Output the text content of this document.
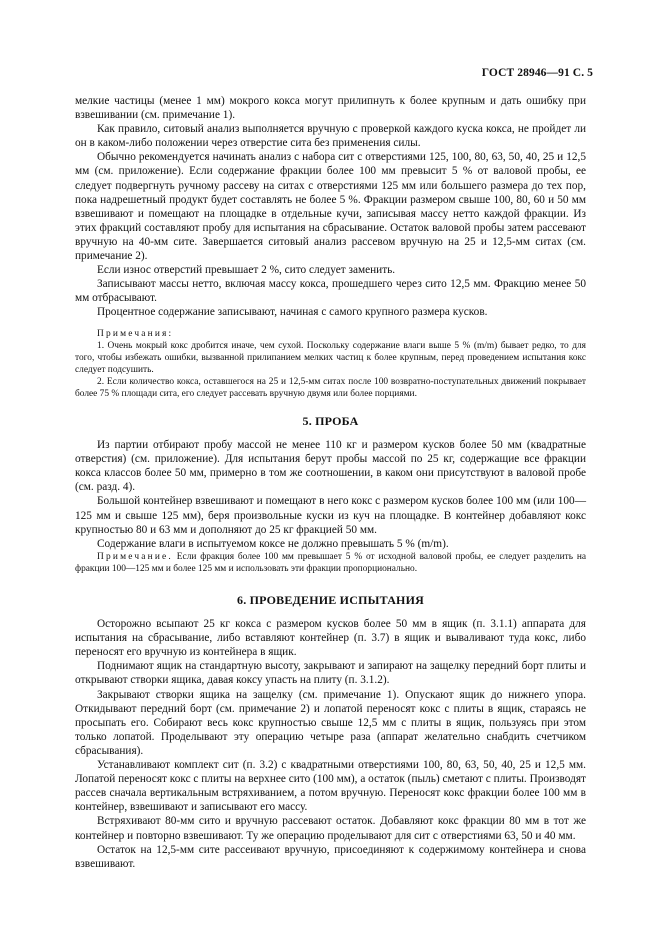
ГОСТ 28946—91 С. 5

мелкие частицы (менее 1 мм) мокрого кокса могут прилипнуть к более крупным и дать ошибку при взвешивании (см. примечание 1).

Как правило, ситовый анализ выполняется вручную с проверкой каждого куска кокса, не пройдет ли он в каком-либо положении через отверстие сита без применения силы.

Обычно рекомендуется начинать анализ с набора сит с отверстиями 125, 100, 80, 63, 50, 40, 25 и 12,5 мм (см. приложение). Если содержание фракции более 100 мм превысит 5 % от валовой пробы, ее следует подвергнуть ручному рассеву на ситах с отверстиями 125 мм или большего размера до тех пор, пока надрешетный продукт будет составлять не более 5 %. Фракции размером свыше 100, 80, 60 и 50 мм взвешивают и помещают на площадке в отдельные кучи, записывая массу нетто каждой фракции. Из этих фракций составляют пробу для испытания на сбрасывание. Остаток валовой пробы затем рассевают вручную на 40-мм сите. Завершается ситовый анализ рассевом вручную на 25 и 12,5-мм ситах (см. примечание 2).

Если износ отверстий превышает 2 %, сито следует заменить.

Записывают массы нетто, включая массу кокса, прошедшего через сито 12,5 мм. Фракцию менее 50 мм отбрасывают.

Процентное содержание записывают, начиная с самого крупного размера кусков.

Примечания:

1. Очень мокрый кокс дробится иначе, чем сухой. Поскольку содержание влаги выше 5 % (m/m) бывает редко, то для того, чтобы избежать ошибки, вызванной прилипанием мелких частиц к более крупным, перед проведением испытания кокс следует подсушить.

2. Если количество кокса, оставшегося на 25 и 12,5-мм ситах после 100 возвратно-поступательных движений покрывает более 75 % площади сита, его следует рассевать вручную двумя или более порциями.

5. ПРОБА

Из партии отбирают пробу массой не менее 110 кг и размером кусков более 50 мм (квадратные отверстия) (см. приложение). Для испытания берут пробы массой по 25 кг, содержащие все фракции кокса классов более 50 мм, примерно в том же соотношении, в каком они присутствуют в валовой пробе (см. разд. 4).

Большой контейнер взвешивают и помещают в него кокс с размером кусков более 100 мм (или 100—125 мм и свыше 125 мм), беря произвольные куски из куч на площадке. В контейнер добавляют кокс крупностью 80 и 63 мм и дополняют до 25 кг фракцией 50 мм.

Содержание влаги в испытуемом коксе не должно превышать 5 % (m/m).

Примечание. Если фракция более 100 мм превышает 5 % от исходной валовой пробы, ее следует разделить на фракции 100—125 мм и более 125 мм и использовать эти фракции пропорционально.

6. ПРОВЕДЕНИЕ ИСПЫТАНИЯ

Осторожно всыпают 25 кг кокса с размером кусков более 50 мм в ящик (п. 3.1.1) аппарата для испытания на сбрасывание, либо вставляют контейнер (п. 3.7) в ящик и вываливают туда кокс, либо переносят его вручную из контейнера в ящик.

Поднимают ящик на стандартную высоту, закрывают и запирают на защелку передний борт плиты и открывают створки ящика, давая коксу упасть на плиту (п. 3.1.2).

Закрывают створки ящика на защелку (см. примечание 1). Опускают ящик до нижнего упора. Откидывают передний борт (см. примечание 2) и лопатой переносят кокс с плиты в ящик, стараясь не просыпать его. Собирают весь кокс крупностью свыше 12,5 мм с плиты в ящик, пользуясь при этом только лопатой. Проделывают эту операцию четыре раза (аппарат желательно снабдить счетчиком сбрасывания).

Устанавливают комплект сит (п. 3.2) с квадратными отверстиями 100, 80, 63, 50, 40, 25 и 12,5 мм. Лопатой переносят кокс с плиты на верхнее сито (100 мм), а остаток (пыль) сметают с плиты. Производят рассев сначала вертикальным встряхиванием, а потом вручную. Переносят кокс фракции более 100 мм в контейнер, взвешивают и записывают его массу.

Встряхивают 80-мм сито и вручную рассевают остаток. Добавляют кокс фракции 80 мм в тот же контейнер и повторно взвешивают. Ту же операцию проделывают для сит с отверстиями 63, 50 и 40 мм.

Остаток на 12,5-мм сите рассеивают вручную, присоединяют к содержимому контейнера и снова взвешивают.
